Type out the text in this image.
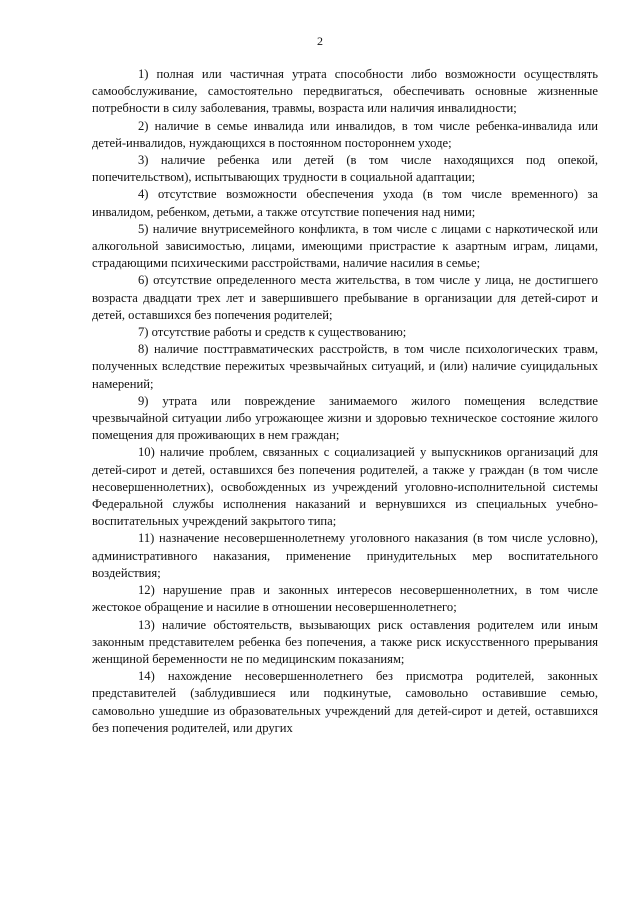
2

1) полная или частичная утрата способности либо возможности осуществлять самообслуживание, самостоятельно передвигаться, обеспечивать основные жизненные потребности в силу заболевания, травмы, возраста или наличия инвалидности;

2) наличие в семье инвалида или инвалидов, в том числе ребенка-инвалида или детей-инвалидов, нуждающихся в постоянном постороннем уходе;

3) наличие ребенка или детей (в том числе находящихся под опекой, попечительством), испытывающих трудности в социальной адаптации;

4) отсутствие возможности обеспечения ухода (в том числе временного) за инвалидом, ребенком, детьми, а также отсутствие попечения над ними;

5) наличие внутрисемейного конфликта, в том числе с лицами с наркотической или алкогольной зависимостью, лицами, имеющими пристрастие к азартным играм, лицами, страдающими психическими расстройствами, наличие насилия в семье;

6) отсутствие определенного места жительства, в том числе у лица, не достигшего возраста двадцати трех лет и завершившего пребывание в организации для детей-сирот и детей, оставшихся без попечения родителей;

7) отсутствие работы и средств к существованию;

8) наличие посттравматических расстройств, в том числе психологических травм, полученных вследствие пережитых чрезвычайных ситуаций, и (или) наличие суицидальных намерений;

9) утрата или повреждение занимаемого жилого помещения вследствие чрезвычайной ситуации либо угрожающее жизни и здоровью техническое состояние жилого помещения для проживающих в нем граждан;

10) наличие проблем, связанных с социализацией у выпускников организаций для детей-сирот и детей, оставшихся без попечения родителей, а также у граждан (в том числе несовершеннолетних), освобожденных из учреждений уголовно-исполнительной системы Федеральной службы исполнения наказаний и вернувшихся из специальных учебно-воспитательных учреждений закрытого типа;

11) назначение несовершеннолетнему уголовного наказания (в том числе условно), административного наказания, применение принудительных мер воспитательного воздействия;

12) нарушение прав и законных интересов несовершеннолетних, в том числе жестокое обращение и насилие в отношении несовершеннолетнего;

13) наличие обстоятельств, вызывающих риск оставления родителем или иным законным представителем ребенка без попечения, а также риск искусственного прерывания женщиной беременности не по медицинским показаниям;

14) нахождение несовершеннолетнего без присмотра родителей, законных представителей (заблудившиеся или подкинутые, самовольно оставившие семью, самовольно ушедшие из образовательных учреждений для детей-сирот и детей, оставшихся без попечения родителей, или других
